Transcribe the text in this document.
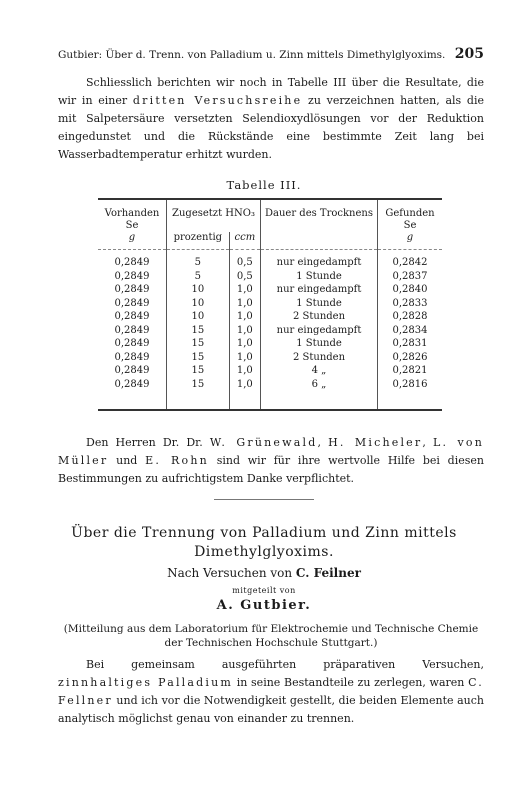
Gutbier: Über d. Trenn. von Palladium u. Zinn mittels Dimethylglyoxims. 205

Schliesslich berichten wir noch in Tabelle III über die Resultate, die wir in einer dritten Versuchsreihe zu verzeichnen hatten, als die mit Salpetersäure versetzten Selendioxydlösungen vor der Reduktion eingedunstet und die Rückstände eine bestimmte Zeit lang bei Wasserbadtemperatur erhitzt wurden.

Tabelle III.
Vorhanden Se	Zugesetzt HNO₃		Dauer des Trocknens	Gefunden Se
g	prozentig	ccm		g
0,2849	5	0,5	nur eingedampft	0,2842
0,2849	5	0,5	1 Stunde	0,2837
0,2849	10	1,0	nur eingedampft	0,2840
0,2849	10	1,0	1 Stunde	0,2833
0,2849	10	1,0	2 Stunden	0,2828
0,2849	15	1,0	nur eingedampft	0,2834
0,2849	15	1,0	1 Stunde	0,2831
0,2849	15	1,0	2 Stunden	0,2826
0,2849	15	1,0	4 „	0,2821
0,2849	15	1,0	6 „	0,2816

Den Herren Dr. Dr. W. Grünewald, H. Micheler, L. von Müller und E. Rohn sind wir für ihre wertvolle Hilfe bei diesen Bestimmungen zu aufrichtigstem Danke verpflichtet.

Über die Trennung von Palladium und Zinn mittels
Dimethylglyoxims.
Nach Versuchen von C. Feilner
mitgeteilt von
A. Gutbier.
(Mitteilung aus dem Laboratorium für Elektrochemie und Technische Chemie der Technischen Hochschule Stuttgart.)

Bei gemeinsam ausgeführten präparativen Versuchen, zinnhaltiges Palladium in seine Bestandteile zu zerlegen, waren C. Fellner und ich vor die Notwendigkeit gestellt, die beiden Elemente auch analytisch möglichst genau von einander zu trennen.
